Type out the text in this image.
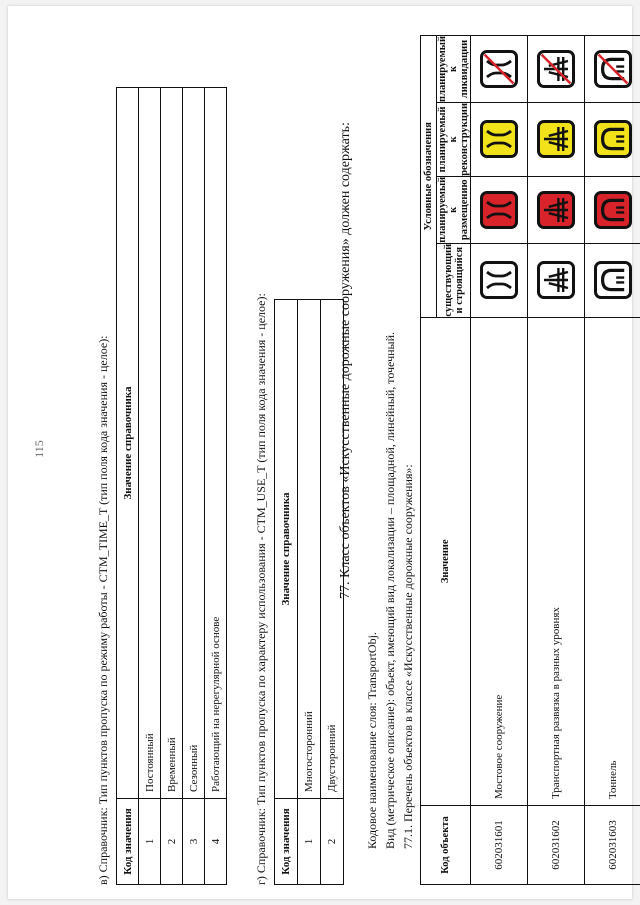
115	в) Справочник: Тип пунктов пропуска по режиму работы - CTM_TIME_T (тип поля кода значения - целое): Код значения	Значение справочника
1	Постоянный
2	Временный
3	Сезонный
4	Работающий на нерегулярной основе	г) Справочник: Тип пунктов пропуска по характеру использования - CTM_USE_T (тип поля кода значения - целое): Код значения	Значение справочника
1	Многосторонний
2	Двусторонний
77. Класс объектов «Искусственные дорожные сооружения» должен содержать:
Кодовое наименование слоя: TransportObj. Вид (метрическое описание): объект, имеющий вид локализации – площадной, линейный, точечный. 77.1. Перечень объектов в классе «Искусственные дорожные сооружения»: Код объекта	Значение	Условные обозначения			
		существующий и строящийся	планируемый к размещению	планируемый к реконструкции	планируемый к ликвидации
602031601	Мостовое сооружение	

602031602	Транспортная развязка в разных уровнях	

602031603	Тоннель	
